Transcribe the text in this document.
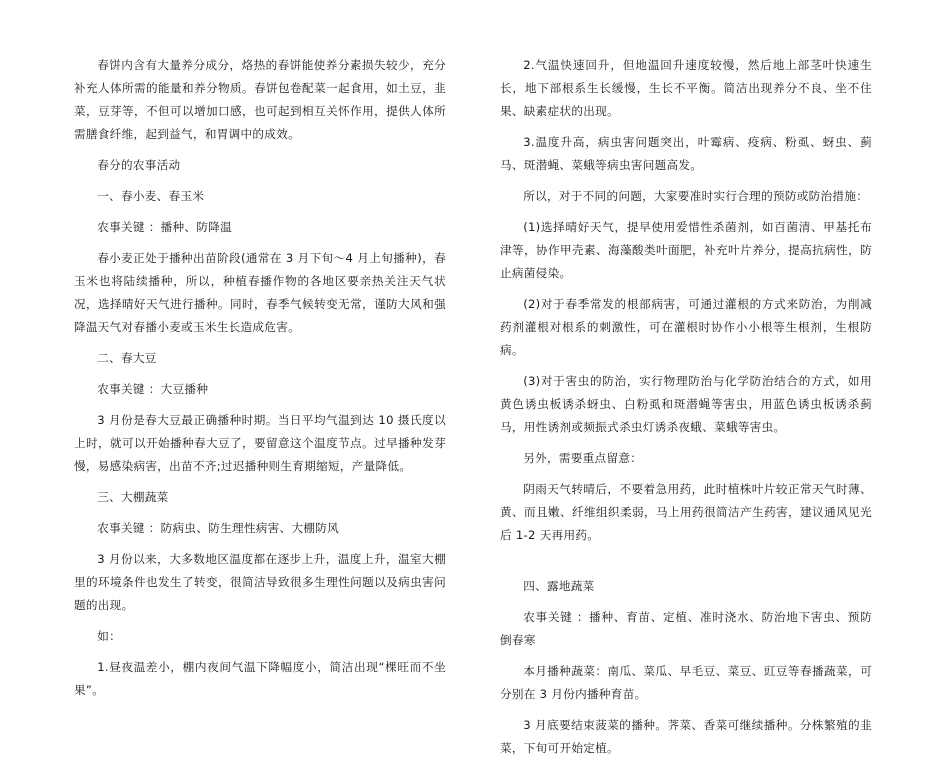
春饼内含有大量养分成分，烙热的春饼能使养分素损失较少，充分补充人体所需的能量和养分物质。春饼包卷配菜一起食用，如土豆，韭菜，豆芽等，不但可以增加口感，也可起到相互关怀作用，提供人体所需膳食纤维，起到益气，和胃调中的成效。

春分的农事活动

一、春小麦、春玉米

农事关键 ：播种、防降温

春小麦正处于播种出苗阶段(通常在 3 月下旬～4 月上旬播种)，春玉米也将陆续播种，所以，种植春播作物的各地区要亲热关注天气状况，选择晴好天气进行播种。同时，春季气候转变无常，谨防大风和强降温天气对春播小麦或玉米生长造成危害。

二、春大豆

农事关键 ：大豆播种

3 月份是春大豆最正确播种时期。当日平均气温到达 10 摄氏度以上时，就可以开始播种春大豆了，要留意这个温度节点。过早播种发芽慢，易感染病害，出苗不齐;过迟播种则生育期缩短，产量降低。

三、大棚蔬菜

农事关键 ：防病虫、防生理性病害、大棚防风

3 月份以来，大多数地区温度都在逐步上升，温度上升，温室大棚里的环境条件也发生了转变，很简洁导致很多生理性问题以及病虫害问题的出现。

如：

1.昼夜温差小，棚内夜间气温下降幅度小，简洁出现“棵旺而不坐果”。

2.气温快速回升，但地温回升速度较慢，然后地上部茎叶快速生长，地下部根系生长缓慢，生长不平衡。简洁出现养分不良、坐不住果、缺素症状的出现。

3.温度升高，病虫害问题突出，叶霉病、疫病、粉虱、蚜虫、蓟马、斑潜蝇、菜蛾等病虫害问题高发。

所以，对于不同的问题，大家要准时实行合理的预防或防治措施：

(1)选择晴好天气，提早使用爱惜性杀菌剂，如百菌清、甲基托布津等，协作甲壳素、海藻酸类叶面肥，补充叶片养分，提高抗病性，防止病菌侵染。

(2)对于春季常发的根部病害，可通过灌根的方式来防治，为削减药剂灌根对根系的刺激性，可在灌根时协作小小根等生根剂，生根防病。

(3)对于害虫的防治，实行物理防治与化学防治结合的方式，如用黄色诱虫板诱杀蚜虫、白粉虱和斑潜蝇等害虫，用蓝色诱虫板诱杀蓟马，用性诱剂或频振式杀虫灯诱杀夜蛾、菜蛾等害虫。

另外，需要重点留意：

阴雨天气转晴后，不要着急用药，此时植株叶片较正常天气时薄、黄、而且嫩、纤维组织柔弱，马上用药很简洁产生药害，建议通风见光后 1-2 天再用药。

四、露地蔬菜

农事关键 ：播种、育苗、定植、准时浇水、防治地下害虫、预防倒春寒

本月播种蔬菜：南瓜、菜瓜、早毛豆、菜豆、豇豆等春播蔬菜，可分别在 3 月份内播种育苗。

3 月底要结束菠菜的播种。荠菜、香菜可继续播种。分株繁殖的韭菜，下旬可开始定植。
